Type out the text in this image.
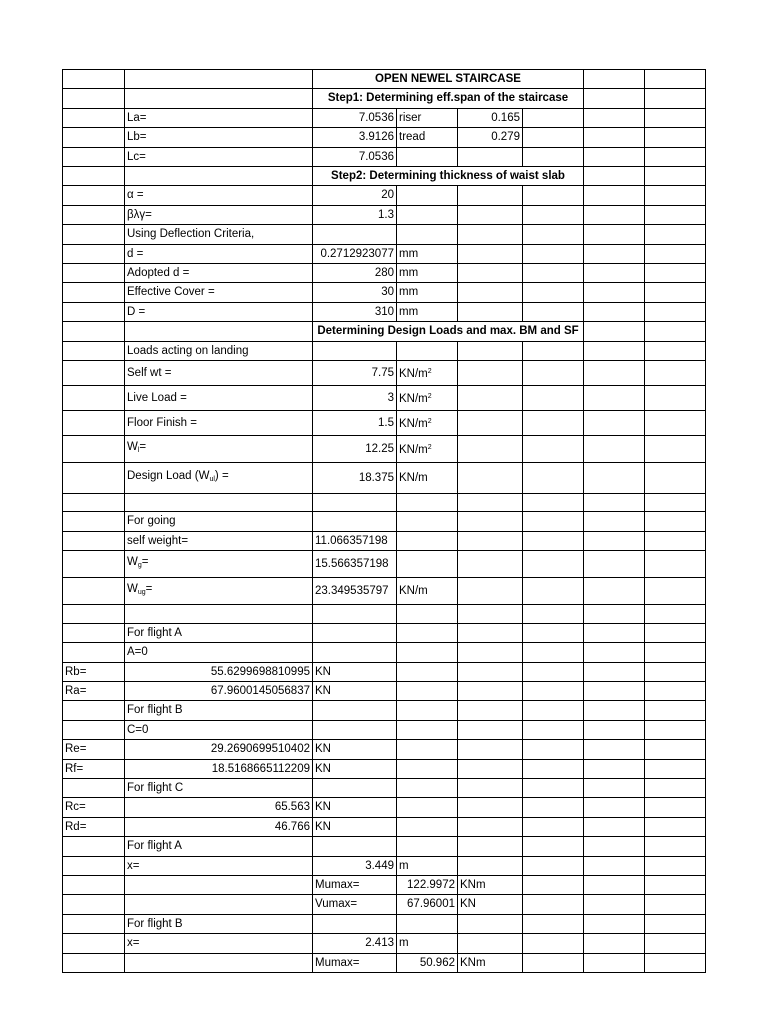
		OPEN NEWEL STAIRCASE					
		Step1: Determining eff.span of the staircase					
	La=	7.0536	riser	0.165			
	Lb=	3.9126	tread	0.279			
	Lc=	7.0536					
		Step2: Determining thickness of waist slab					
	α =	20					
	βλγ=	1.3					
	Using Deflection Criteria,						
	d =	0.2712923077	mm				
	Adopted d =	280	mm				
	Effective Cover =	30	mm				
	D =	310	mm				
		Determining Design Loads and max. BM and SF					
	Loads acting on landing						
	Self wt =	7.75	$KN/m^2$				
	Live Load =	3	$KN/m^2$				
	Floor Finish =	1.5	$KN/m^2$				
	$W_l=$	12.25	$KN/m^2$				
	Design Load $(W_{ul})$ =	18.375	KN/m				

	For going						
	self weight=	11.066357198					
	$W_g=$	15.566357198					
	$W_{ug}=$	23.349535797	KN/m				

	For flight A						
	A=0						
Rb=	55.6299698810995	KN					
Ra=	67.9600145056837	KN					
	For flight B						
	C=0						
Re=	29.2690699510402	KN					
Rf=	18.5168665112209	KN					
	For flight C						
Rc=	65.563	KN					
Rd=	46.766	KN					
	For flight A						
	x=	3.449	m				
		Mumax=	122.9972	KNm			
		Vumax=	67.96001	KN			
	For flight B						
	x=	2.413	m				
		Mumax=	50.962	KNm			
